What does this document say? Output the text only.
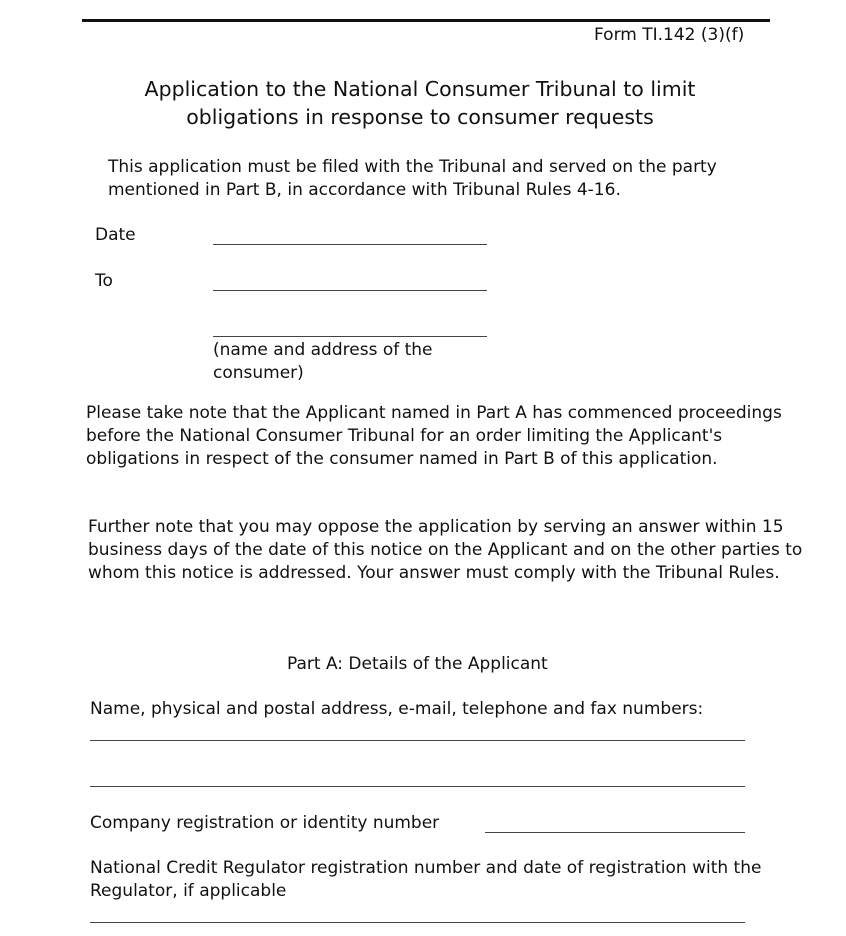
Form TI.142 (3)(f)
Application to the National Consumer Tribunal to limit obligations in response to consumer requests

This application must be filed with the Tribunal and served on the party mentioned in Part B, in accordance with Tribunal Rules 4-16.

Date
To
(name and address of the consumer)

Please take note that the Applicant named in Part A has commenced proceedings before the National Consumer Tribunal for an order limiting the Applicant's obligations in respect of the consumer named in Part B of this application.

Further note that you may oppose the application by serving an answer within 15 business days of the date of this notice on the Applicant and on the other parties to whom this notice is addressed. Your answer must comply with the Tribunal Rules.

Part A: Details of the Applicant
Name, physical and postal address, e-mail, telephone and fax numbers:
Company registration or identity number

National Credit Regulator registration number and date of registration with the Regulator, if applicable
